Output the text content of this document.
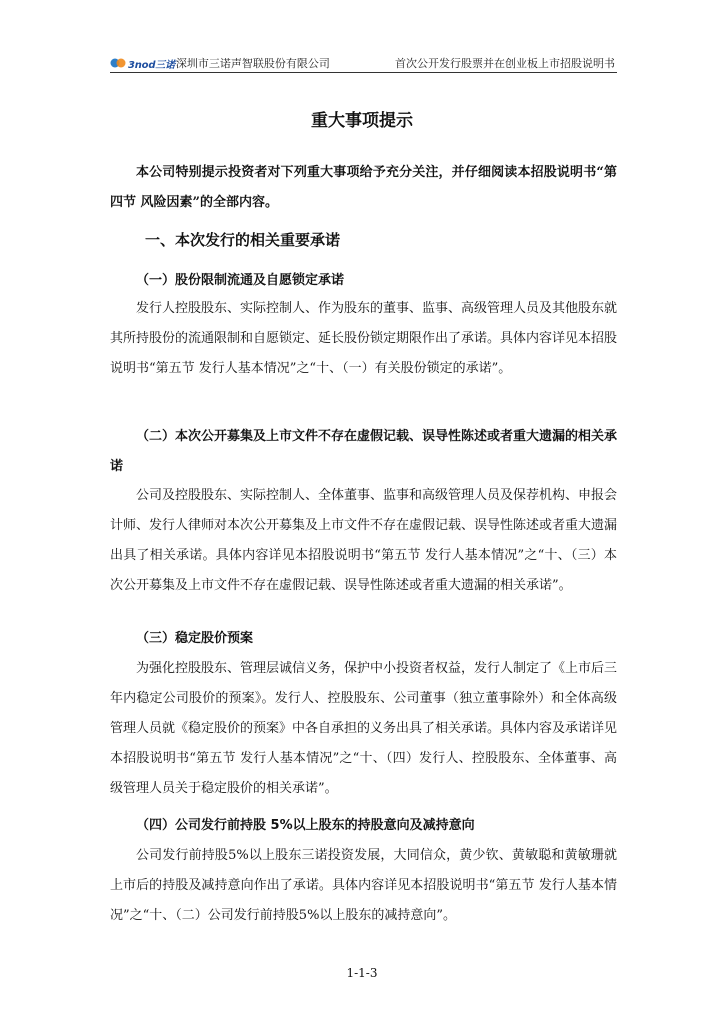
3nod三诺 深圳市三诺声智联股份有限公司	首次公开发行股票并在创业板上市招股说明书
重大事项提示

本公司特别提示投资者对下列重大事项给予充分关注，并仔细阅读本招股说明书“第四节 风险因素”的全部内容。

一、本次发行的相关重要承诺

（一）股份限制流通及自愿锁定承诺

发行人控股股东、实际控制人、作为股东的董事、监事、高级管理人员及其他股东就其所持股份的流通限制和自愿锁定、延长股份锁定期限作出了承诺。具体内容详见本招股说明书“第五节 发行人基本情况”之“十、（一）有关股份锁定的承诺”。

（二）本次公开募集及上市文件不存在虚假记载、误导性陈述或者重大遗漏的相关承诺

公司及控股股东、实际控制人、全体董事、监事和高级管理人员及保荐机构、申报会计师、发行人律师对本次公开募集及上市文件不存在虚假记载、误导性陈述或者重大遗漏出具了相关承诺。具体内容详见本招股说明书“第五节 发行人基本情况”之“十、（三）本次公开募集及上市文件不存在虚假记载、误导性陈述或者重大遗漏的相关承诺”。

（三）稳定股价预案

为强化控股股东、管理层诚信义务，保护中小投资者权益，发行人制定了《上市后三年内稳定公司股价的预案》。发行人、控股股东、公司董事（独立董事除外）和全体高级管理人员就《稳定股价的预案》中各自承担的义务出具了相关承诺。具体内容及承诺详见本招股说明书“第五节 发行人基本情况”之“十、（四）发行人、控股股东、全体董事、高级管理人员关于稳定股价的相关承诺”。

（四）公司发行前持股 5%以上股东的持股意向及减持意向

公司发行前持股5%以上股东三诺投资发展，大同信众，黄少钦、黄敏聪和黄敏珊就上市后的持股及减持意向作出了承诺。具体内容详见本招股说明书“第五节 发行人基本情况”之“十、（二）公司发行前持股5%以上股东的减持意向”。

1-1-3
